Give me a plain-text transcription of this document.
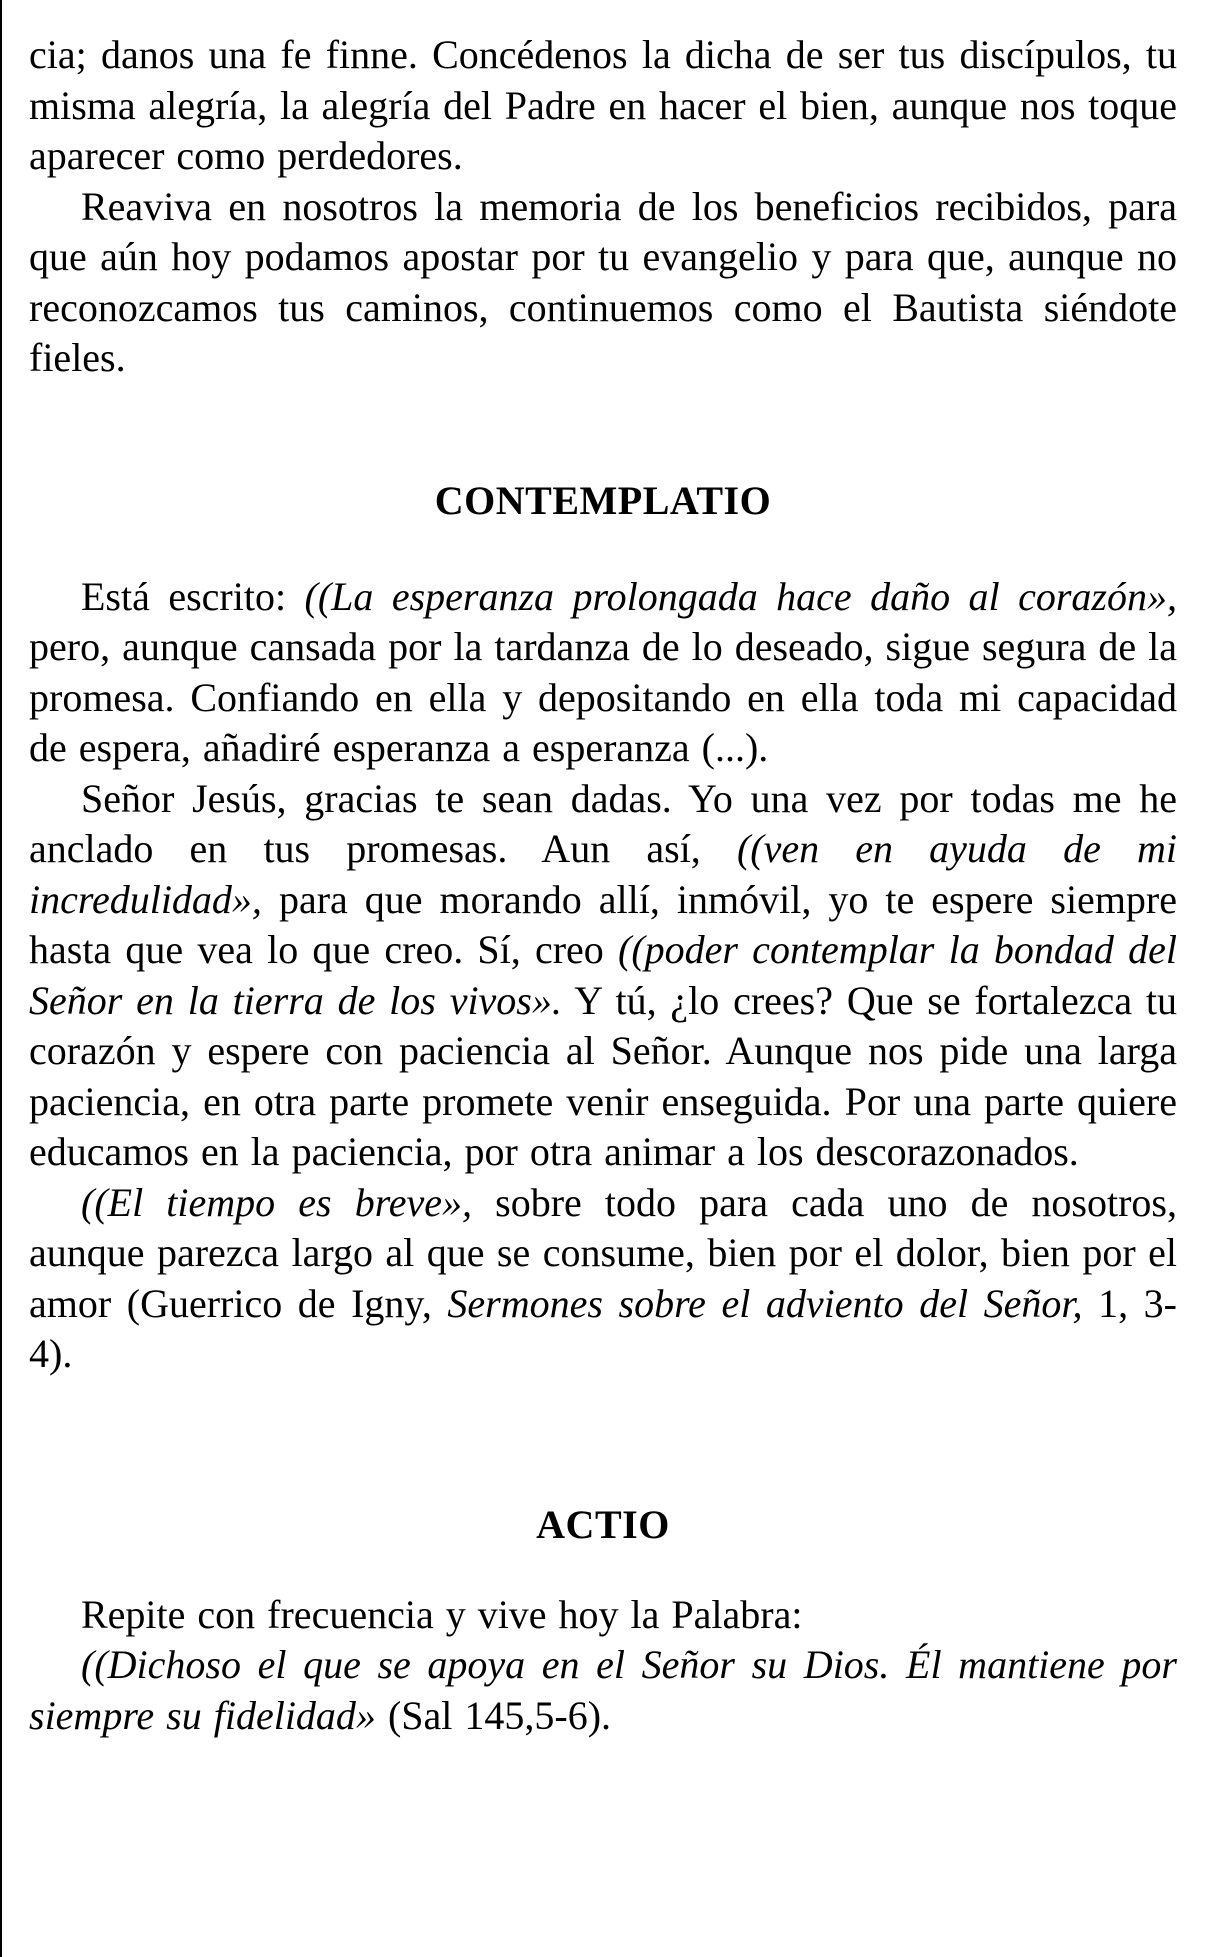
cia; danos una fe finne. Concédenos la dicha de ser tus discípulos, tu misma alegría, la alegría del Padre en hacer el bien, aunque nos toque aparecer como perdedores.

Reaviva en nosotros la memoria de los beneficios recibidos, para que aún hoy podamos apostar por tu evangelio y para que, aunque no reconozcamos tus caminos, continuemos como el Bautista siéndote fieles.

CONTEMPLATIO

Está escrito: ((La esperanza prolongada hace daño al corazón», pero, aunque cansada por la tardanza de lo deseado, sigue segura de la promesa. Confiando en ella y depositando en ella toda mi capacidad de espera, añadiré esperanza a esperanza (...).

Señor Jesús, gracias te sean dadas. Yo una vez por todas me he anclado en tus promesas. Aun así, ((ven en ayuda de mi incredulidad», para que morando allí, inmóvil, yo te espere siempre hasta que vea lo que creo. Sí, creo ((poder contemplar la bondad del Señor en la tierra de los vivos». Y tú, ¿lo crees? Que se fortalezca tu corazón y espere con paciencia al Señor. Aunque nos pide una larga paciencia, en otra parte promete venir enseguida. Por una parte quiere educamos en la paciencia, por otra animar a los descorazonados.

((El tiempo es breve», sobre todo para cada uno de nosotros, aunque parezca largo al que se consume, bien por el dolor, bien por el amor (Guerrico de Igny, Sermones sobre el adviento del Señor, 1, 3-4).

ACTIO

Repite con frecuencia y vive hoy la Palabra:

((Dichoso el que se apoya en el Señor su Dios. Él mantiene por siempre su fidelidad» (Sal 145,5-6).
